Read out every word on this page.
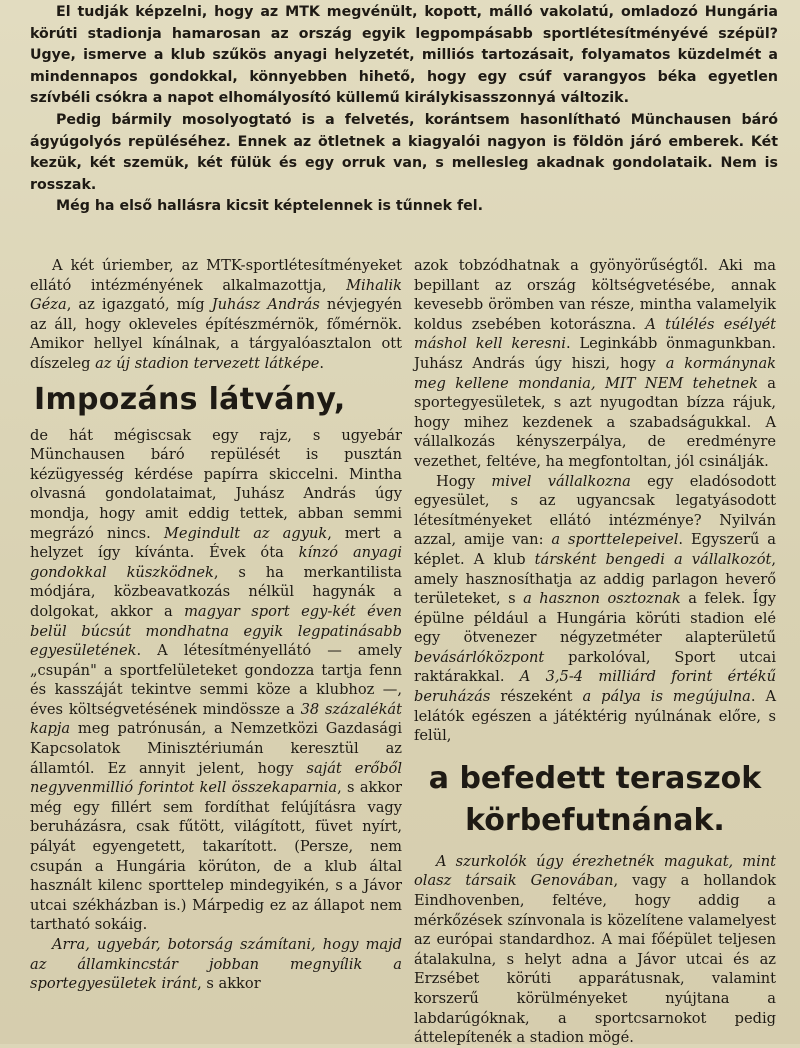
El tudják képzelni, hogy az MTK megvénült, kopott, málló vakolatú, omladozó Hungária körúti stadionja hamarosan az ország egyik legpompásabb sportlétesítményévé szépül? Ugye, ismerve a klub szűkös anyagi helyzetét, milliós tartozásait, folyamatos küzdelmét a mindennapos gondokkal, könnyebben hihető, hogy egy csúf varangyos béka egyetlen szívbéli csókra a napot elhomályosító küllemű királykisasszonnyá változik.

Pedig bármily mosolyogtató is a felvetés, korántsem hasonlítható Münchausen báró ágyúgolyós repüléséhez. Ennek az ötletnek a kiagyalói nagyon is földön járó emberek. Két kezük, két szemük, két fülük és egy orruk van, s mellesleg akadnak gondolataik. Nem is rosszak.

Még ha első hallásra kicsit képtelennek is tűnnek fel.

A két úriember, az MTK-sportlétesítményeket ellátó intézményének alkalmazottja, Mihalik Géza, az igazgató, míg Juhász András névjegyén az áll, hogy okleveles építészmérnök, főmérnök. Amikor hellyel kínálnak, a tárgyalóasztalon ott díszeleg az új stadion tervezett látképe.

Impozáns látvány,

de hát mégiscsak egy rajz, s ugyebár Münchausen báró repülését is pusztán kézügyesség kérdése papírra skiccelni. Mintha olvasná gondolataimat, Juhász András úgy mondja, hogy amit eddig tettek, abban semmi megrázó nincs. Megindult az agyuk, mert a helyzet így kívánta. Évek óta kínzó anyagi gondokkal küszködnek, s ha merkantilista módjára, közbeavatkozás nélkül hagynák a dolgokat, akkor a magyar sport egy-két éven belül búcsút mondhatna egyik legpatinásabb egyesületének. A létesítményellátó — amely „csupán" a sportfelületeket gondozza tartja fenn és kasszáját tekintve semmi köze a klubhoz —, éves költségvetésének mindössze a 38 százalékát kapja meg patrónusán, a Nemzetközi Gazdasági Kapcsolatok Minisztériumán keresztül az államtól. Ez annyit jelent, hogy saját erőből negyvenmillió forintot kell összekaparnia, s akkor még egy fillért sem fordíthat felújításra vagy beruházásra, csak fűtött, világított, füvet nyírt, pályát egyengetett, takarított. (Persze, nem csupán a Hungária körúton, de a klub által használt kilenc sporttelep mindegyikén, s a Jávor utcai székházban is.) Márpedig ez az állapot nem tartható sokáig.

Arra, ugyebár, botorság számítani, hogy majd az államkincstár jobban megnyílik a sportegyesületek iránt, s akkor

azok tobzódhatnak a gyönyörűségtől. Aki ma bepillant az ország költségvetésébe, annak kevesebb örömben van része, mintha valamelyik koldus zsebében kotorászna. A túlélés esélyét máshol kell keresni. Leginkább önmagunkban. Juhász András úgy hiszi, hogy a kormánynak meg kellene mondania, MIT NEM tehetnek a sportegyesületek, s azt nyugodtan bízza rájuk, hogy mihez kezdenek a szabadságukkal. A vállalkozás kényszerpálya, de eredményre vezethet, feltéve, ha megfontoltan, jól csinálják.

Hogy mivel vállalkozna egy eladósodott egyesület, s az ugyancsak legatyásodott létesítményeket ellátó intézménye? Nyilván azzal, amije van: a sporttelepeivel. Egyszerű a képlet. A klub társként bengedi a vállalkozót, amely hasznosíthatja az addig parlagon heverő területeket, s a hasznon osztoznak a felek. Így épülne például a Hungária körúti stadion elé egy ötvenezer négyzetméter alapterületű bevásárlóközpont parkolóval, Sport utcai raktárakkal. A 3,5-4 milliárd forint értékű beruházás részeként a pálya is megújulna. A lelátók egészen a játéktérig nyúlnának előre, s felül,

a befedett teraszok
körbefutnának.

A szurkolók úgy érezhetnék magukat, mint olasz társaik Genovában, vagy a hollandok Eindhovenben, feltéve, hogy addig a mérkőzések színvonala is közelítene valamelyest az európai standardhoz. A mai főépület teljesen átalakulna, s helyt adna a Jávor utcai és az Erzsébet körúti apparátusnak, valamint korszerű körülményeket nyújtana a labdarúgóknak, a sportcsarnokot pedig áttelepítenék a stadion mögé.
